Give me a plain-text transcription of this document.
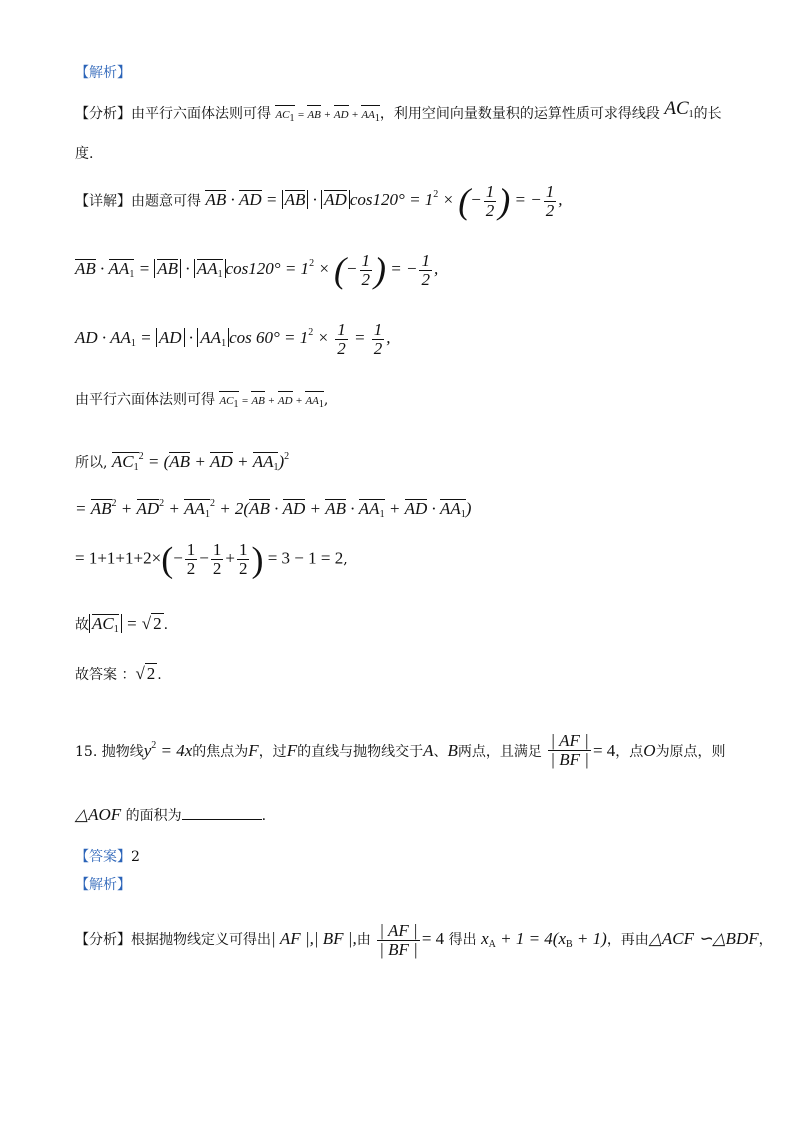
【解析】
【分析】由平行六面体法则可得 AC1 = AB + AD + AA1，利用空间向量数量积的运算性质可求得线段 $AC_1$的长
度.
【详解】由题意可得 AB · AD = AB · AD $\cos 120^\circ = 1^2$ × (− $\frac{1}{2}$ ) = − $\frac{1}{2}$ ,
AB · $AA_1$ = AB · $AA_1$ $\cos 120^\circ = 1^2$ × (− $\frac{1}{2}$ ) = − $\frac{1}{2}$ ,
AD · $AA_1$ = AD · $AA_1$ $\cos 60^\circ = 1^2 \times \frac{1}{2} = \frac{1}{2}$ ,
由平行六面体法则可得 AC1 = AB + AD + AA1,
所以, $AC_1^2 = (AB$ + AD + $AA_1)^2$
= $AB^2 + AD^2 + AA_1^2 + 2(AB$ · AD + AB · $AA_1$ + AD · $AA_1$)
= $1+1+1+2\times(- \frac{1}{2} - \frac{1}{2} + \frac{1}{2}$ ) = 3 − 1 = 2,
故 $AC_1$ = √ 2 .
故答案 ：√ 2 .
15. 抛物线$y^2 = 4x$的焦点为F，过F的直线与抛物线交于A、B两点，且满足 $\frac{| AF |}{| BF |} = 4$，点O为原点，则
△AOF 的面积为	.
【答案】2
【解析】
【分析】根据抛物线定义可得出| AF |,| BF |,由 $\frac{| AF |}{| BF |} = 4$ 得出 $x_A + 1 = 4(x_B + 1)$，再由△ACF ∽△BDF，
